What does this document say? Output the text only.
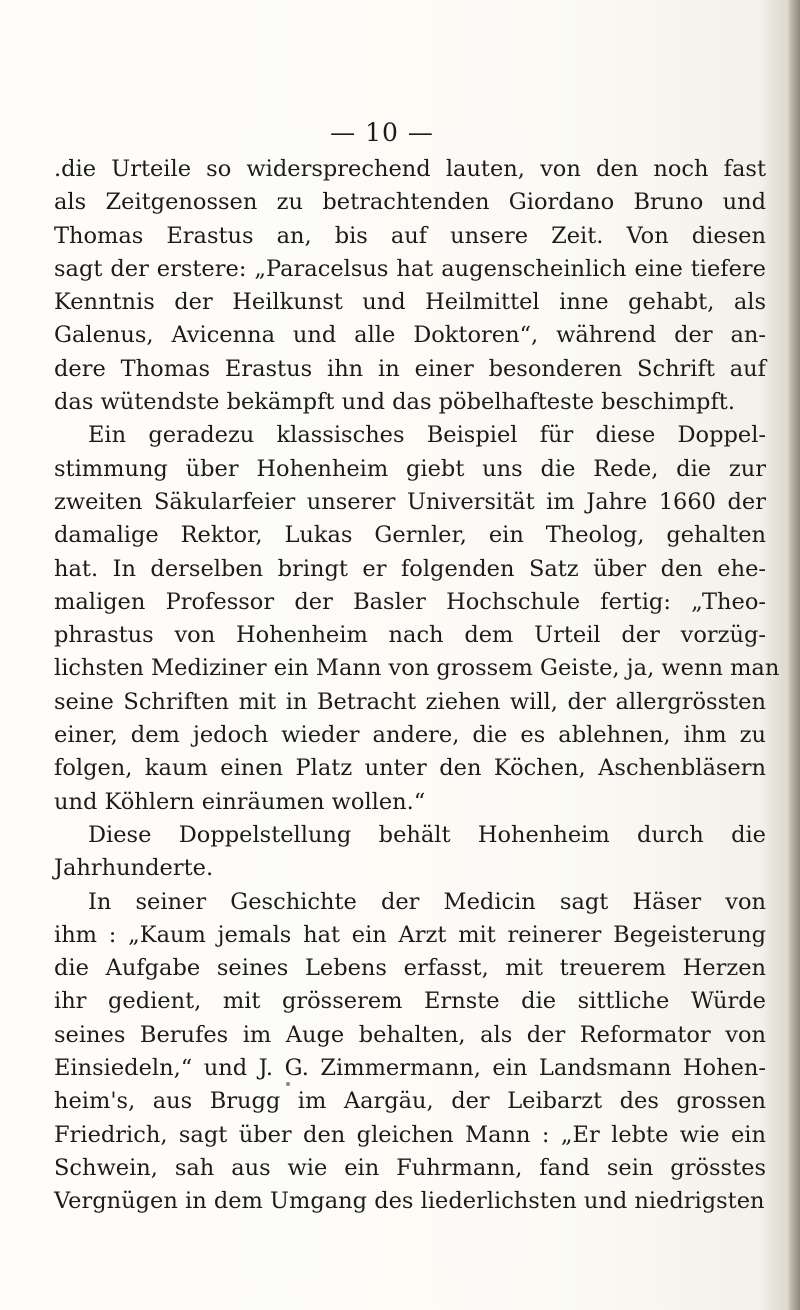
— 10 —

.die Urteile so widersprechend lauten, von den noch fast
als Zeitgenossen zu betrachtenden Giordano Bruno und
Thomas Erastus an, bis auf unsere Zeit. Von diesen
sagt der erstere: „Paracelsus hat augenscheinlich eine tiefere
Kenntnis der Heilkunst und Heilmittel inne gehabt, als
Galenus, Avicenna und alle Doktoren“, während der an-
dere Thomas Erastus ihn in einer besonderen Schrift auf
das wütendste bekämpft und das pöbelhafteste beschimpft.

Ein geradezu klassisches Beispiel für diese Doppel-
stimmung über Hohenheim giebt uns die Rede, die zur
zweiten Säkularfeier unserer Universität im Jahre 1660 der
damalige Rektor, Lukas Gernler, ein Theolog, gehalten
hat. In derselben bringt er folgenden Satz über den ehe-
maligen Professor der Basler Hochschule fertig: „Theo-
phrastus von Hohenheim nach dem Urteil der vorzüg-
lichsten Mediziner ein Mann von grossem Geiste, ja, wenn man
seine Schriften mit in Betracht ziehen will, der allergrössten
einer, dem jedoch wieder andere, die es ablehnen, ihm zu
folgen, kaum einen Platz unter den Köchen, Aschenbläsern
und Köhlern einräumen wollen.“

Diese Doppelstellung behält Hohenheim durch die
Jahrhunderte.

In seiner Geschichte der Medicin sagt Häser von
ihm : „Kaum jemals hat ein Arzt mit reinerer Begeisterung
die Aufgabe seines Lebens erfasst, mit treuerem Herzen
ihr gedient, mit grösserem Ernste die sittliche Würde
seines Berufes im Auge behalten, als der Reformator von
Einsiedeln,“ und J. G. Zimmermann, ein Landsmann Hohen-
heim's, aus Brugg im Aargäu, der Leibarzt des grossen
Friedrich, sagt über den gleichen Mann : „Er lebte wie ein
Schwein, sah aus wie ein Fuhrmann, fand sein grösstes
Vergnügen in dem Umgang des liederlichsten und niedrigsten
